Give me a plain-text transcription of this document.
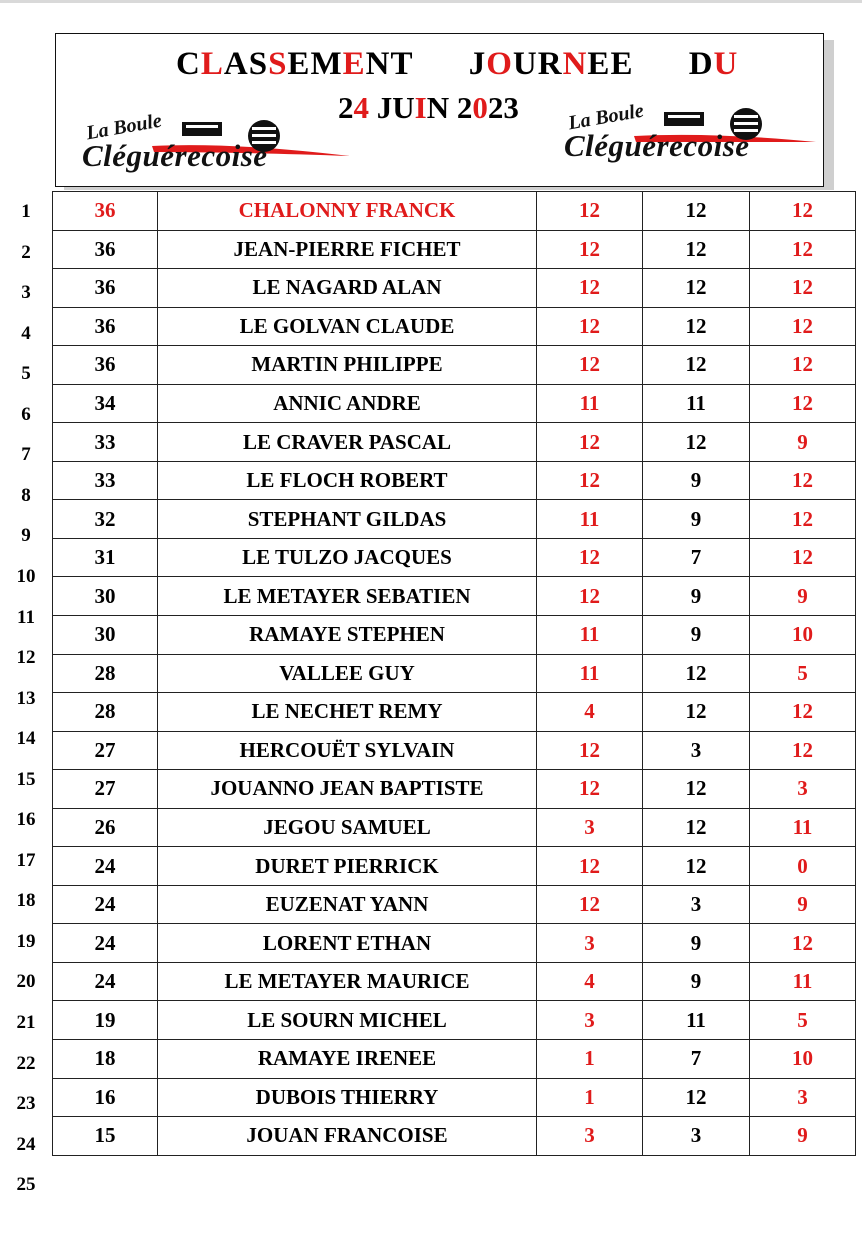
CLASSEMENT JOURNEE DU
24 JUIN 2023
La Boule
Cléguérecoise
La Boule
Cléguérecoise
1
2
3
4
5
6
7
8
9
10
11
12
13
14
15
16
17
18
19
20
21
22
23
24
25
36	CHALONNY FRANCK	12	12	12
36	JEAN-PIERRE FICHET	12	12	12
36	LE NAGARD ALAN	12	12	12
36	LE GOLVAN CLAUDE	12	12	12
36	MARTIN PHILIPPE	12	12	12
34	ANNIC ANDRE	11	11	12
33	LE CRAVER PASCAL	12	12	9
33	LE FLOCH ROBERT	12	9	12
32	STEPHANT GILDAS	11	9	12
31	LE TULZO JACQUES	12	7	12
30	LE METAYER SEBATIEN	12	9	9
30	RAMAYE STEPHEN	11	9	10
28	VALLEE GUY	11	12	5
28	LE NECHET REMY	4	12	12
27	HERCOUËT SYLVAIN	12	3	12
27	JOUANNO JEAN BAPTISTE	12	12	3
26	JEGOU SAMUEL	3	12	11
24	DURET PIERRICK	12	12	0
24	EUZENAT YANN	12	3	9
24	LORENT ETHAN	3	9	12
24	LE METAYER MAURICE	4	9	11
19	LE SOURN MICHEL	3	11	5
18	RAMAYE IRENEE	1	7	10
16	DUBOIS THIERRY	1	12	3
15	JOUAN FRANCOISE	3	3	9
